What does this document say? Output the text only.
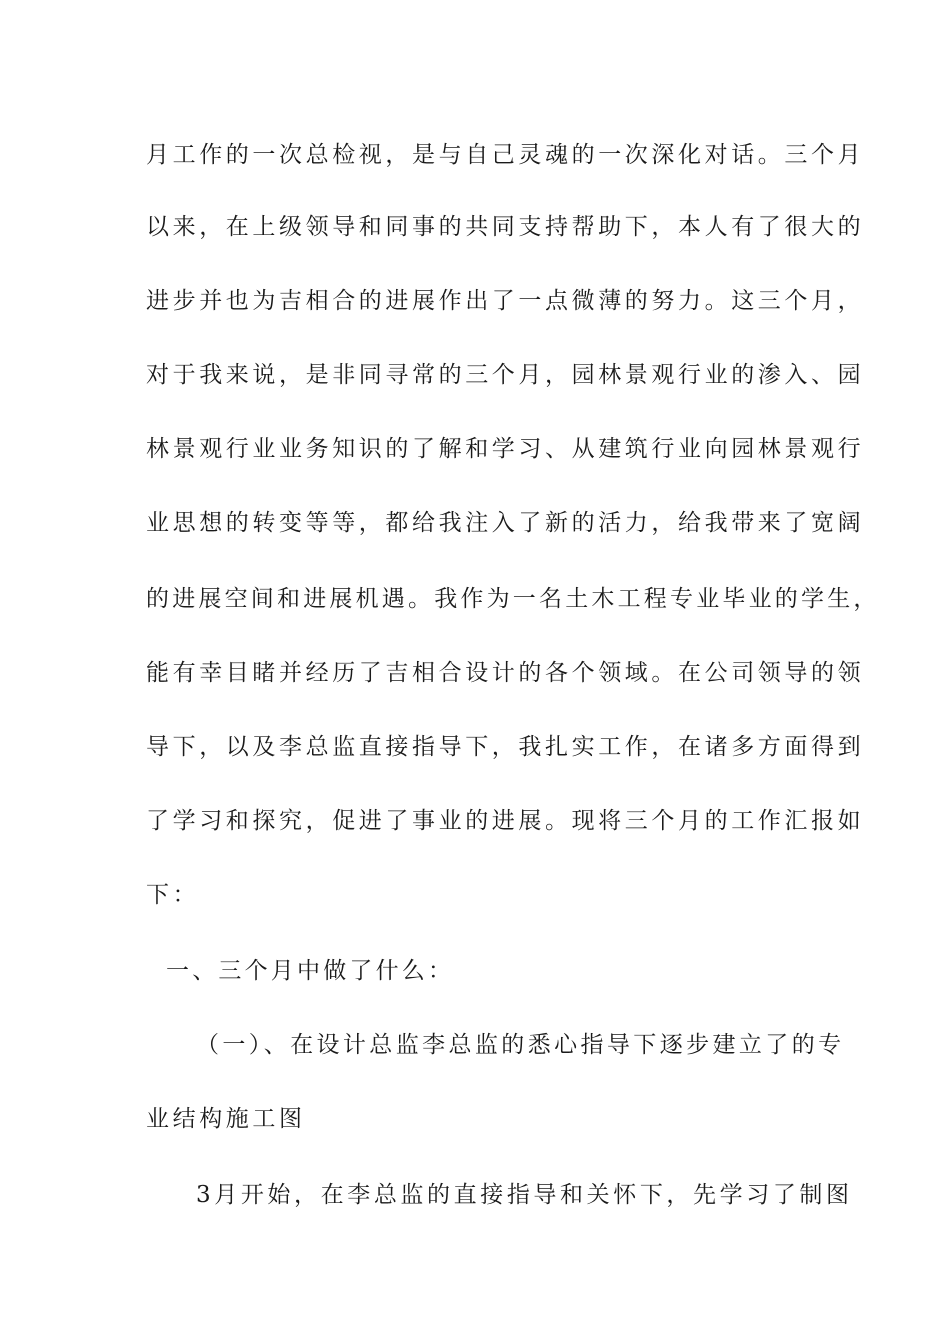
月工作的一次总检视，是与自己灵魂的一次深化对话。三个月
以来，在上级领导和同事的共同支持帮助下，本人有了很大的
进步并也为吉相合的进展作出了一点微薄的努力。这三个月，
对于我来说，是非同寻常的三个月，园林景观行业的渗入、园
林景观行业业务知识的了解和学习、从建筑行业向园林景观行
业思想的转变等等，都给我注入了新的活力，给我带来了宽阔
的进展空间和进展机遇。我作为一名土木工程专业毕业的学生，
能有幸目睹并经历了吉相合设计的各个领域。在公司领导的领
导下，以及李总监直接指导下，我扎实工作，在诸多方面得到
了学习和探究，促进了事业的进展。现将三个月的工作汇报如
下：
一、三个月中做了什么：
（一）、在设计总监李总监的悉心指导下逐步建立了的专
业结构施工图
3月开始，在李总监的直接指导和关怀下，先学习了制图
